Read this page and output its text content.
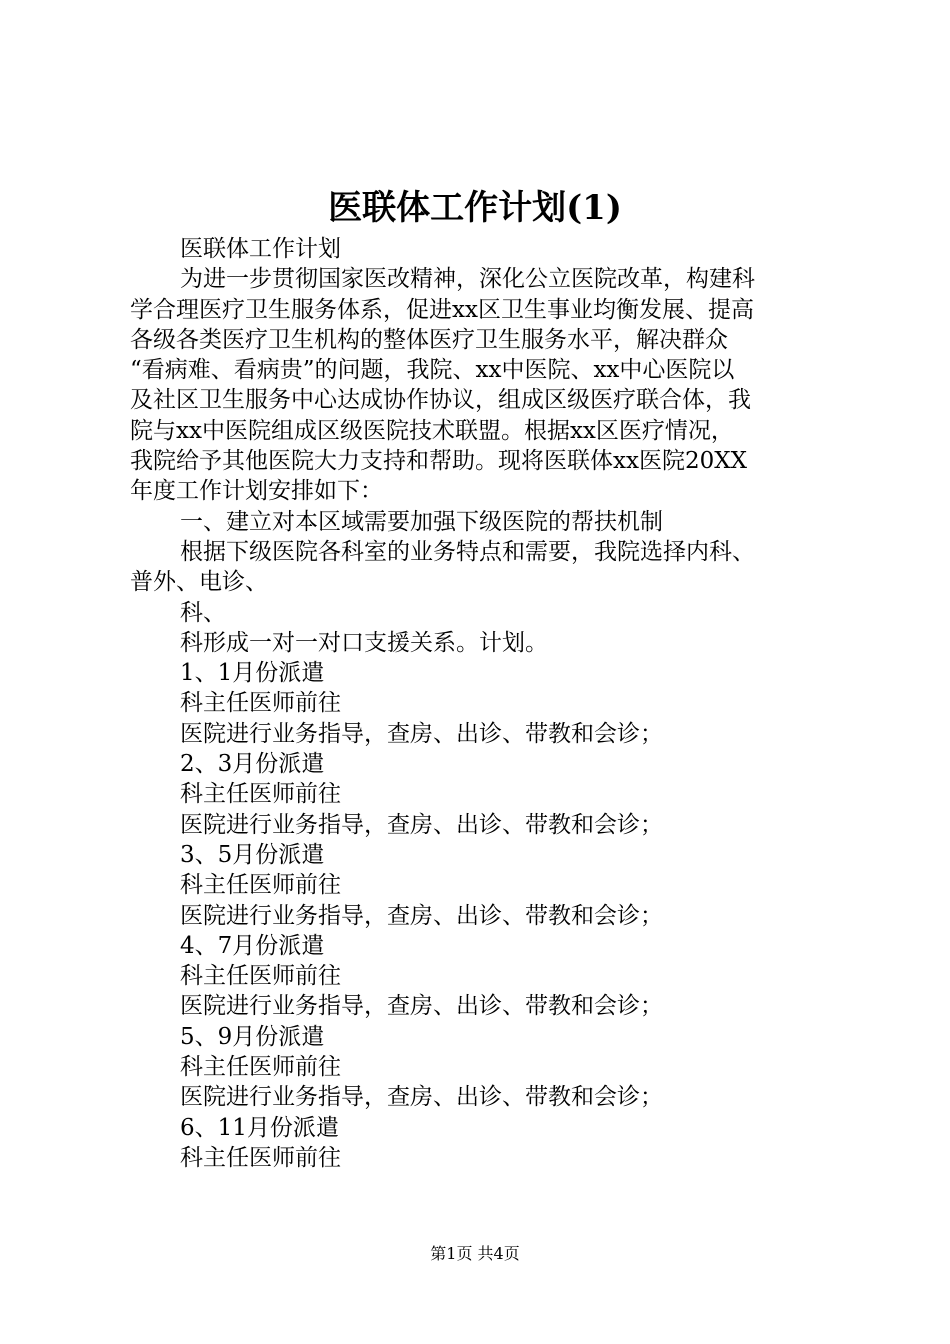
医联体工作计划(1)
医联体工作计划
为进一步贯彻国家医改精神，深化公立医院改革，构建科
学合理医疗卫生服务体系，促进xx区卫生事业均衡发展、提高
各级各类医疗卫生机构的整体医疗卫生服务水平，解决群众
“看病难、看病贵”的问题，我院、xx中医院、xx中心医院以
及社区卫生服务中心达成协作协议，组成区级医疗联合体，我
院与xx中医院组成区级医院技术联盟。根据xx区医疗情况，
我院给予其他医院大力支持和帮助。现将医联体xx医院20XX
年度工作计划安排如下：
一、建立对本区域需要加强下级医院的帮扶机制
根据下级医院各科室的业务特点和需要，我院选择内科、
普外、电诊、
科、
科形成一对一对口支援关系。计划。
1、1月份派遣
科主任医师前往
医院进行业务指导，查房、出诊、带教和会诊；
2、3月份派遣
科主任医师前往
医院进行业务指导，查房、出诊、带教和会诊；
3、5月份派遣
科主任医师前往
医院进行业务指导，查房、出诊、带教和会诊；
4、7月份派遣
科主任医师前往
医院进行业务指导，查房、出诊、带教和会诊；
5、9月份派遣
科主任医师前往
医院进行业务指导，查房、出诊、带教和会诊；
6、11月份派遣
科主任医师前往
第1页 共4页
